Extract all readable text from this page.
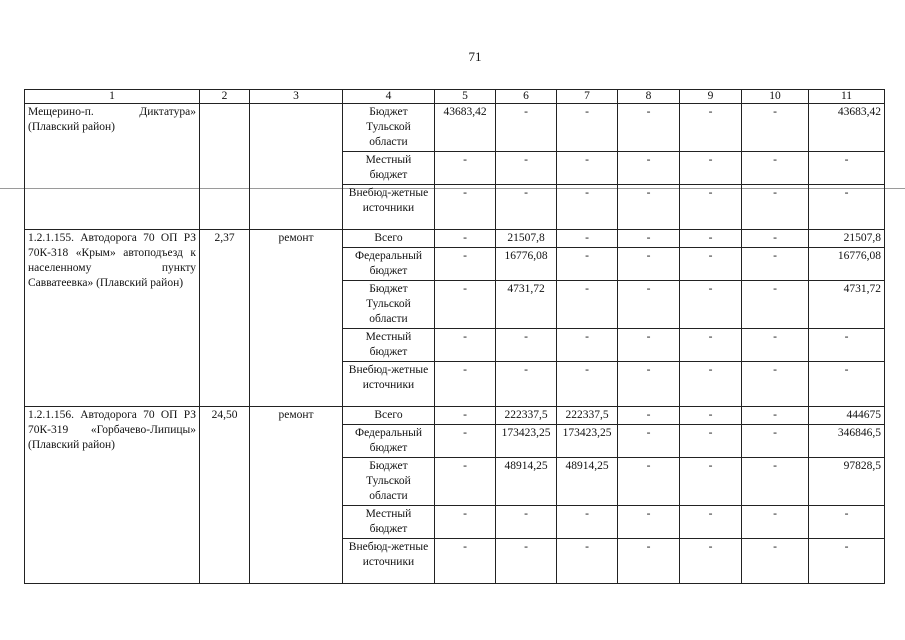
71
1	2	3	4	5	6	7	8	9	10	11
Мещерино-п. Диктатура» (Плавский район)			Бюджет Тульской области	43683,42	-	-	-	-	-	43683,42
			Местный бюджет	-	-	-	-	-	-	-
			Внебюд-жетные источники	-	-	-	-	-	-	-
1.2.1.155. Автодорога 70 ОП РЗ 70К-318 «Крым» автоподъезд к населенному пункту Савватеевка» (Плавский район)	2,37	ремонт	Всего	-	21507,8	-	-	-	-	21507,8
			Федеральный бюджет	-	16776,08	-	-	-	-	16776,08
			Бюджет Тульской области	-	4731,72	-	-	-	-	4731,72
			Местный бюджет	-	-	-	-	-	-	-
			Внебюд-жетные источники	-	-	-	-	-	-	-
1.2.1.156. Автодорога 70 ОП РЗ 70К-319 «Горбачево-Липицы» (Плавский район)	24,50	ремонт	Всего	-	222337,5	222337,5	-	-	-	444675
			Федеральный бюджет	-	173423,25	173423,25	-	-	-	346846,5
			Бюджет Тульской области	-	48914,25	48914,25	-	-	-	97828,5
			Местный бюджет	-	-	-	-	-	-	-
			Внебюд-жетные источники	-	-	-	-	-	-	-
